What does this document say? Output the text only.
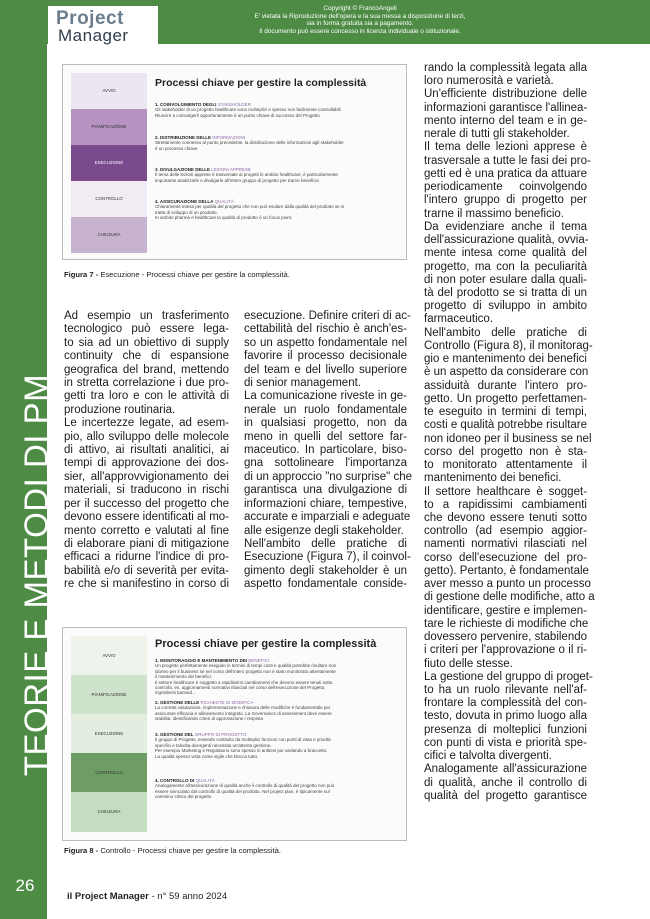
Project
Manager
Copyright © FrancoAngeli
E' vietata la Riproduzione dell'opera e la sua messa a disposizione di terzi,
sia in forma gratuita sia a pagamento.
Il documento può essere concesso in licenza individuale o istituzionale.
TEORIE E METODI DI PM
26
AVVIO
PIANIFICAZIONE
ESECUZIONE
CONTROLLO
CHIUSURA
Processi chiave per gestire la complessità
1. COINVOLGIMENTO DEGLI STAKEHOLDER
Gli stakeholder di un progetto healthcare sono molteplici e spesso non facilmente controllabili
Riuscire a coinvolgerli opportunamente è un punto chiave di successo del Progetto
2. DISTRIBUZIONE DELLE INFORMAZIONI
Strettamente connesso al punto precedente, la distribuzione delle informazioni agli stakeholder
è un processo chiave
3. DIVULGAZIONE DELLE LEZIONI APPRESE
Il tema delle lezioni apprese è trasversale ai progetti in ambito healthcare, è particolarmente
importante analizzarle e divulgarle all'intero gruppo di progetto per trarne beneficio
4. ASSICURAZIONE DELLA QUALITÀ
Chiaramente intesa per qualità del progetto che non può esulare dalla qualità del prodotto se si
tratta di sviluppo di un prodotto.
In ambito pharma e healthcare la qualità di prodotto è un focus point.
Figura 7 - Esecuzione - Processi chiave per gestire la complessità.
AVVIO
PIANIFICAZIONE
ESECUZIONE
CONTROLLO
CHIUSURA
Processi chiave per gestire la complessità
1. MONITORAGGIO E MANTENIMENTO DEI BENEFICI
Un progetto perfettamente eseguito in termini di tempi costi e qualità potrebbe risultare non
idoneo per il business se nel corso dell'intero progetto non è stato monitorato attentamente
il mantenimento dei benefici.
Il settore healthcare è soggetto a rapidissimi cambiamenti che devono essere tenuti sotto
controllo, es. aggiornamenti normativi rilasciati nel corso dell'esecuzione del Progetto,
ingredienti banned...
2. GESTIONE DELLE RICHIESTE DI MODIFICA
La corretta valutazione, implementazione e chiusura delle modifiche è fondamentale per
assicurare efficacia e allineamento integrato. La Governance di assessment deve essere
stabilita, identificando criteri di approvazione / respinta
3. GESTIONE DEL GRUPPO DI PROGETTO
Il gruppo di Progetto, essendo costituito da molteplici funzioni con punti di vista e priorità
specifici e talvolta divergenti necessita un'attenta gestione.
Per esempio Marketing e Regolatorio sono spesso in antitesi pur andando a braccetto.
La qualità spesso vista come vigile che blocca tutto.
4. CONTROLLO DI QUALITÀ
Analogamente all'assicurazione di qualità anche il controllo di qualità del progetto non può
essere svincolato dal controllo di qualità del prodotto. Nel project plan, è tipicamente sul
cammino critico del progetto.
Figura 8 - Controllo - Processi chiave per gestire la complessità.

Ad esempio un trasferimento

tecnologico può essere lega-

to sia ad un obiettivo di supply

continuity che di espansione

geografica del brand, mettendo

in stretta correlazione i due pro-

getti tra loro e con le attività di

produzione routinaria.

Le incertezze legate, ad esem-

pio, allo sviluppo delle molecole

di attivo, ai risultati analitici, ai

tempi di approvazione dei dos-

sier, all'approvvigionamento dei

materiali, si traducono in rischi

per il successo del progetto che

devono essere identificati al mo-

mento corretto e valutati al fine

di elaborare piani di mitigazione

efficaci a ridurne l'indice di pro-

babilità e/o di severità per evita-

re che si manifestino in corso di

esecuzione. Definire criteri di ac-

cettabilità del rischio è anch'es-

so un aspetto fondamentale nel

favorire il processo decisionale

del team e del livello superiore

di senior management.

La comunicazione riveste in ge-

nerale un ruolo fondamentale

in qualsiasi progetto, non da

meno in quelli del settore far-

maceutico. In particolare, biso-

gna sottolineare l'importanza

di un approccio "no surprise" che

garantisca una divulgazione di

informazioni chiare, tempestive,

accurate e imparziali e adeguate

alle esigenze degli stakeholder.

Nell'ambito delle pratiche di

Esecuzione (Figura 7), il coinvol-

gimento degli stakeholder è un

aspetto fondamentale conside-

rando la complessità legata alla

loro numerosità e varietà.

Un'efficiente distribuzione delle

informazioni garantisce l'allinea-

mento interno del team e in ge-

nerale di tutti gli stakeholder.

Il tema delle lezioni apprese è

trasversale a tutte le fasi dei pro-

getti ed è una pratica da attuare

periodicamente coinvolgendo

l'intero gruppo di progetto per

trarne il massimo beneficio.

Da evidenziare anche il tema

dell'assicurazione qualità, ovvia-

mente intesa come qualità del

progetto, ma con la peculiarità

di non poter esulare dalla quali-

tà del prodotto se si tratta di un

progetto di sviluppo in ambito

farmaceutico.

Nell'ambito delle pratiche di

Controllo (Figura 8), il monitorag-

gio e mantenimento dei benefici

è un aspetto da considerare con

assiduità durante l'intero pro-

getto. Un progetto perfettamen-

te eseguito in termini di tempi,

costi e qualità potrebbe risultare

non idoneo per il business se nel

corso del progetto non è sta-

to monitorato attentamente il

mantenimento dei benefici.

Il settore healthcare è sogget-

to a rapidissimi cambiamenti

che devono essere tenuti sotto

controllo (ad esempio aggior-

namenti normativi rilasciati nel

corso dell'esecuzione del pro-

getto). Pertanto, è fondamentale

aver messo a punto un processo

di gestione delle modifiche, atto a

identificare, gestire e implemen-

tare le richieste di modifiche che

dovessero pervenire, stabilendo

i criteri per l'approvazione o il ri-

fiuto delle stesse.

La gestione del gruppo di proget-

to ha un ruolo rilevante nell'af-

frontare la complessità del con-

testo, dovuta in primo luogo alla

presenza di molteplici funzioni

con punti di vista e priorità spe-

cifici e talvolta divergenti.

Analogamente all'assicurazione

di qualità, anche il controllo di

qualità del progetto garantisce

il Project Manager - n° 59 anno 2024
